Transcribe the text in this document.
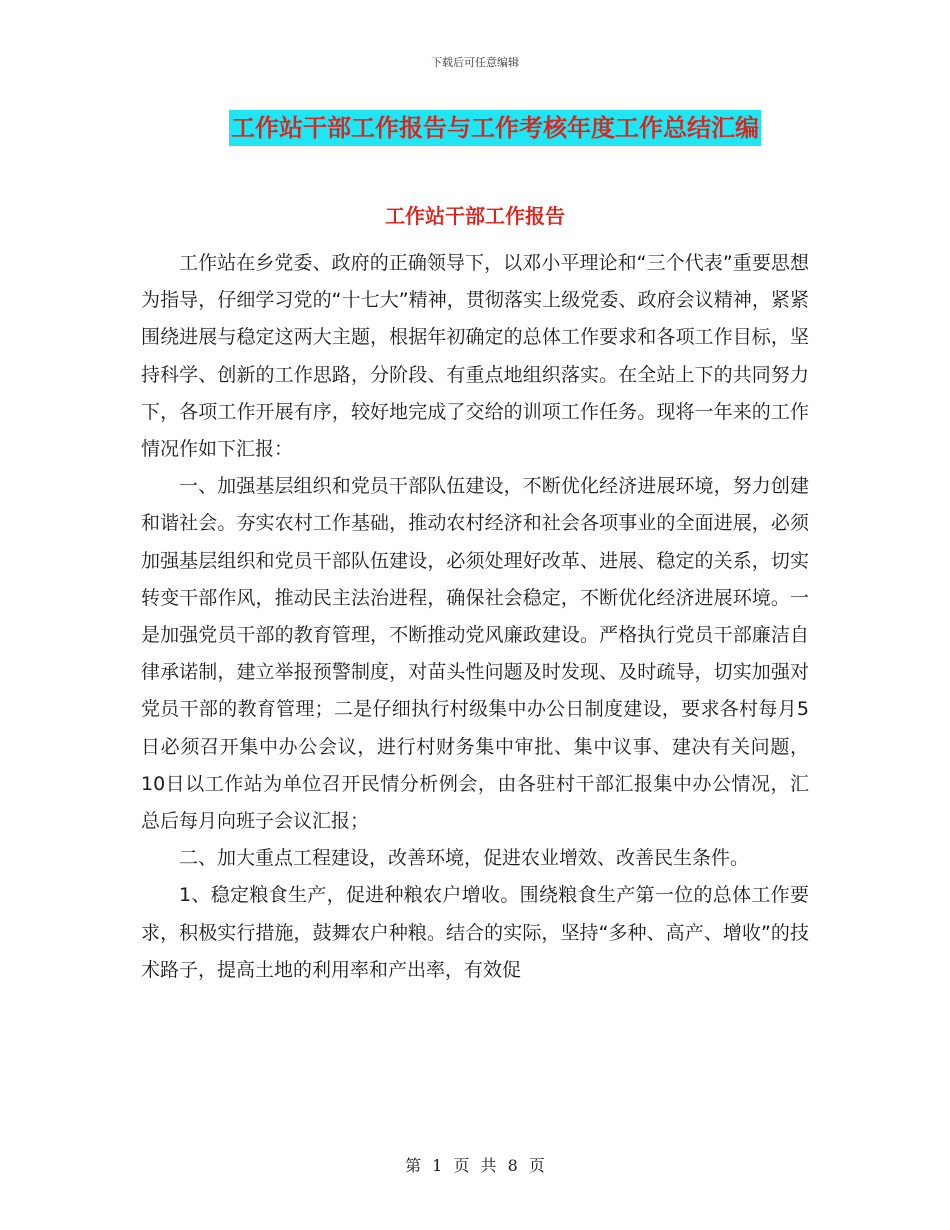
下载后可任意编辑
工作站干部工作报告与工作考核年度工作总结汇编
工作站干部工作报告

工作站在乡党委、政府的正确领导下，以邓小平理论和“三个代表”重要思想为指导，仔细学习党的“十七大”精神，贯彻落实上级党委、政府会议精神，紧紧围绕进展与稳定这两大主题，根据年初确定的总体工作要求和各项工作目标，坚持科学、创新的工作思路，分阶段、有重点地组织落实。在全站上下的共同努力下，各项工作开展有序，较好地完成了交给的训项工作任务。现将一年来的工作情况作如下汇报：

一、加强基层组织和党员干部队伍建设，不断优化经济进展环境，努力创建和谐社会。夯实农村工作基础，推动农村经济和社会各项事业的全面进展，必须加强基层组织和党员干部队伍建设，必须处理好改革、进展、稳定的关系，切实转变干部作风，推动民主法治进程，确保社会稳定，不断优化经济进展环境。一是加强党员干部的教育管理，不断推动党风廉政建设。严格执行党员干部廉洁自律承诺制，建立举报预警制度，对苗头性问题及时发现、及时疏导，切实加强对党员干部的教育管理；二是仔细执行村级集中办公日制度建设，要求各村每月5日必须召开集中办公会议，进行村财务集中审批、集中议事、建决有关问题，10日以工作站为单位召开民情分析例会，由各驻村干部汇报集中办公情况，汇总后每月向班子会议汇报；

二、加大重点工程建设，改善环境，促进农业增效、改善民生条件。

1、稳定粮食生产，促进种粮农户增收。围绕粮食生产第一位的总体工作要求，积极实行措施，鼓舞农户种粮。结合的实际，坚持“多种、高产、增收”的技术路子，提高土地的利用率和产出率，有效促

第 1 页 共 8 页
